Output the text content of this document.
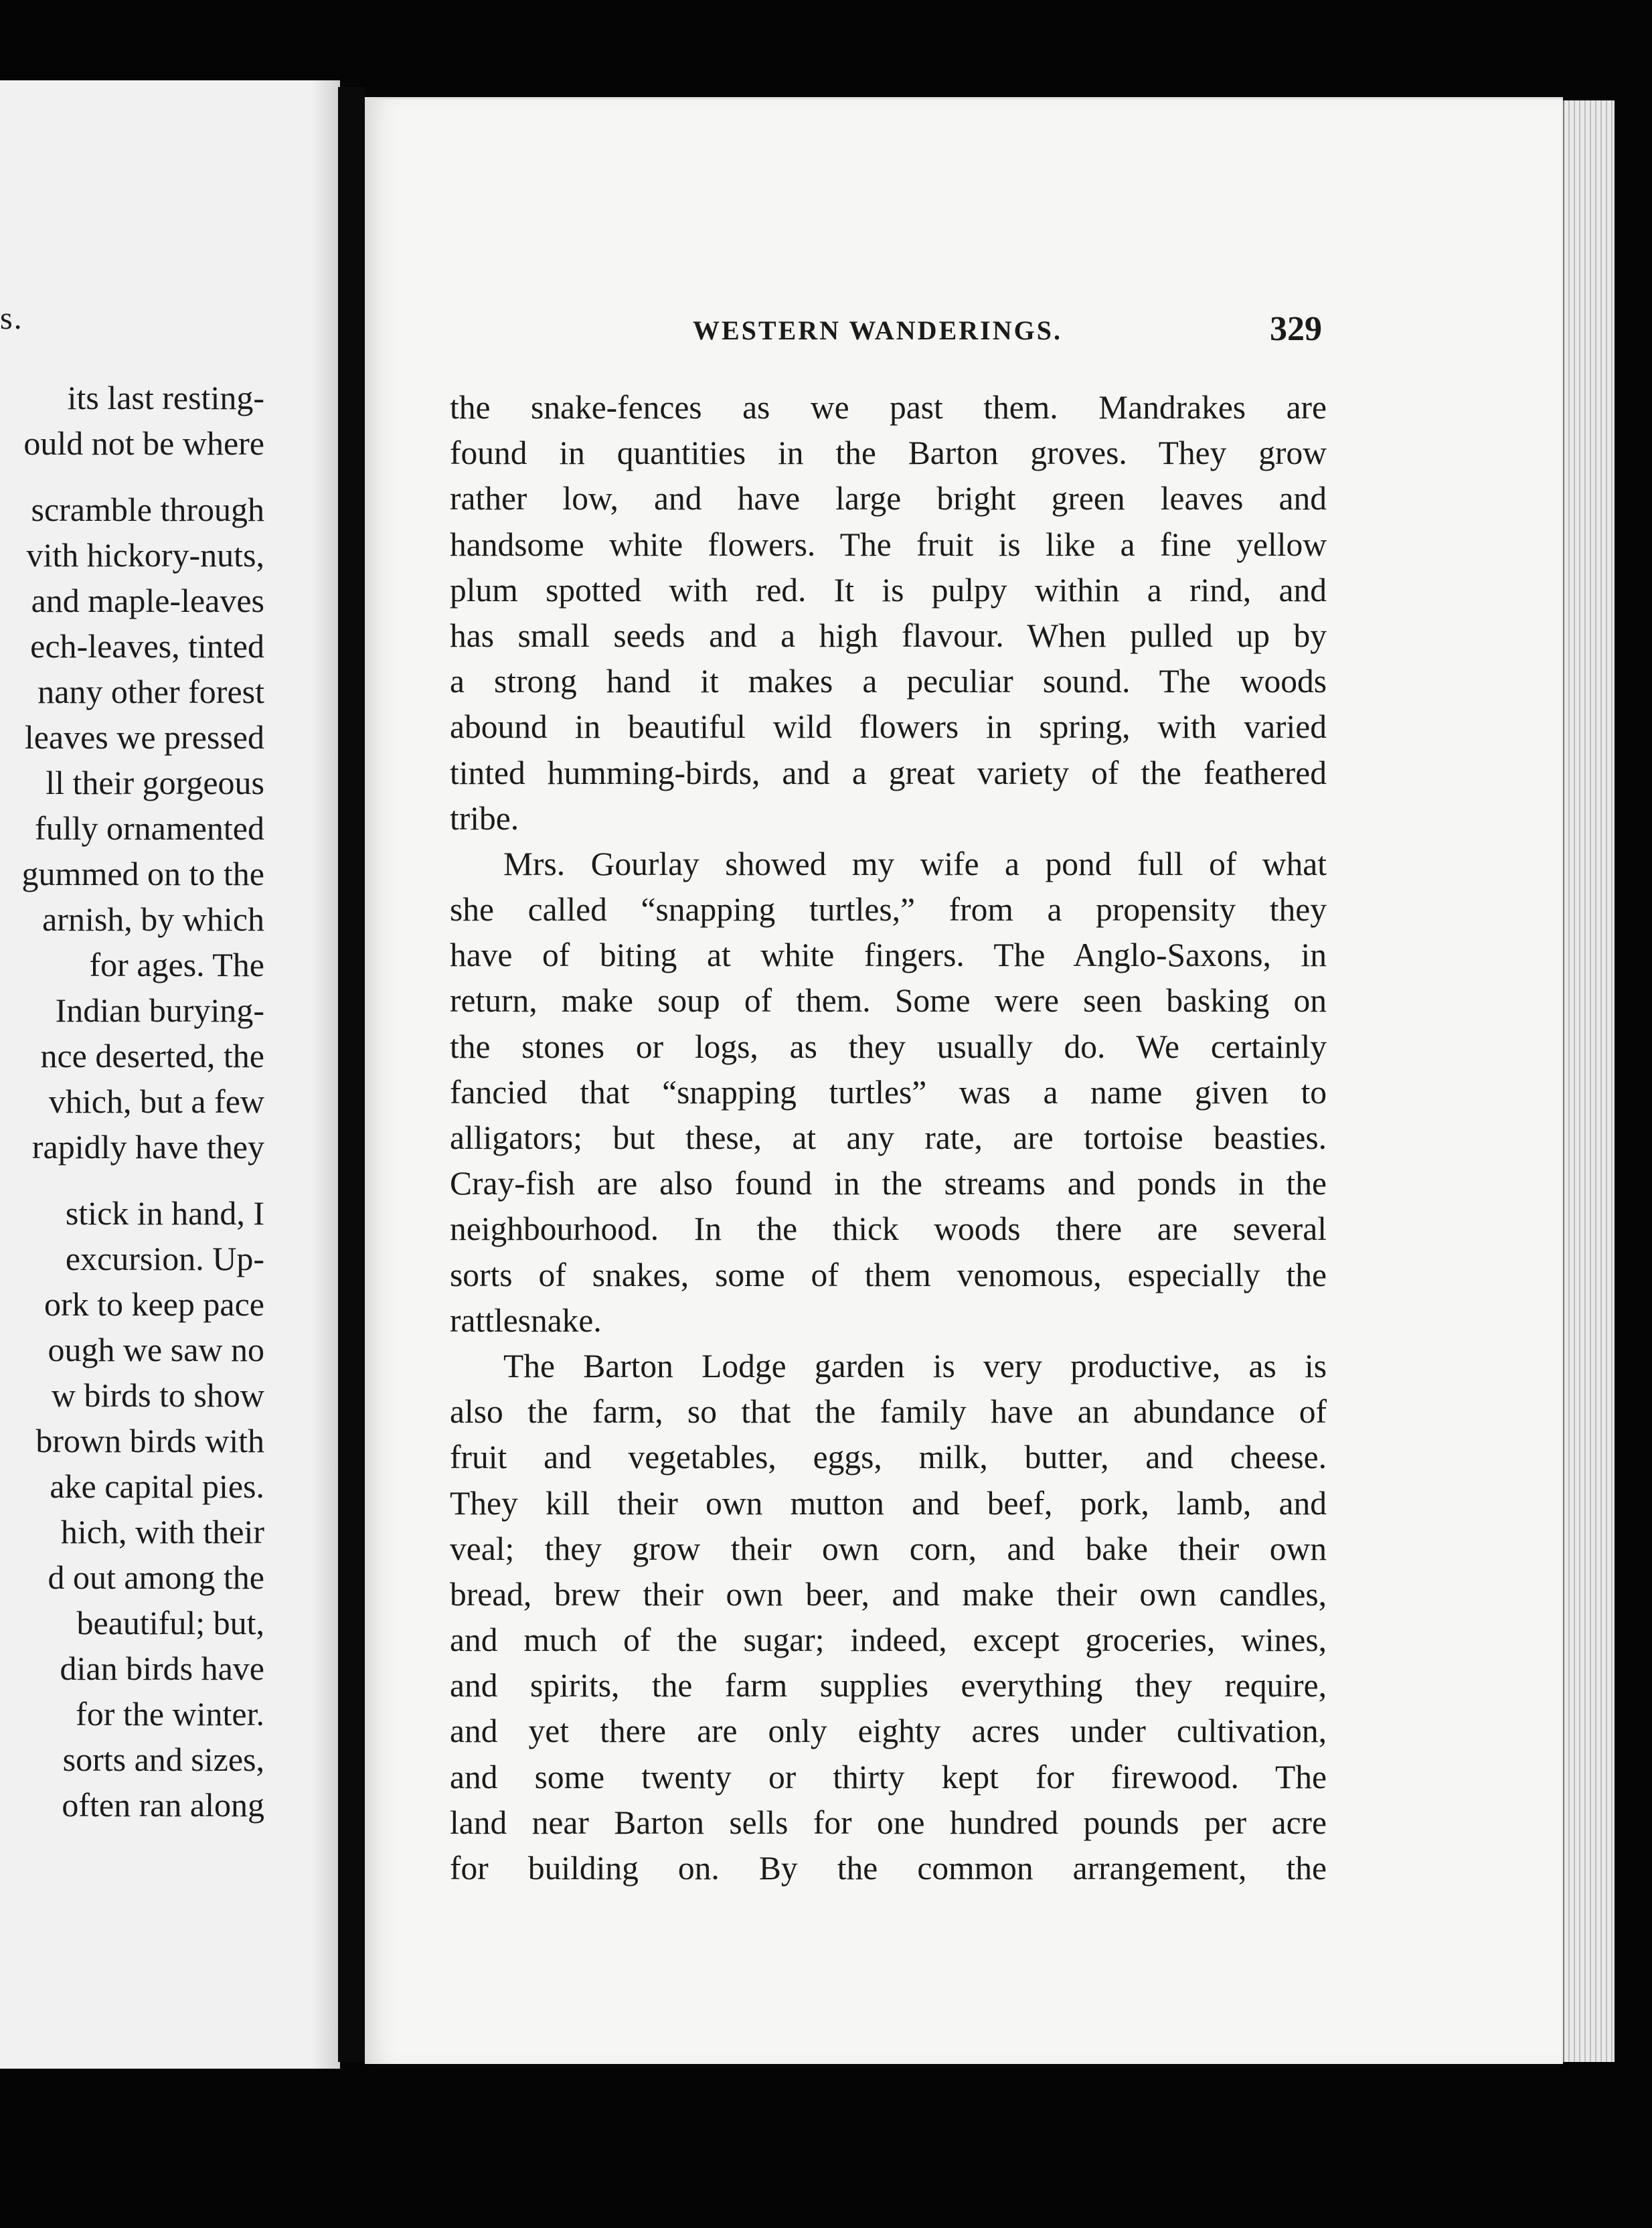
s.
its last resting-
ould not be where
scramble through
vith hickory-nuts,
and maple-leaves
ech-leaves, tinted
nany other forest
leaves we pressed
ll their gorgeous
fully ornamented
gummed on to the
arnish, by which
for ages. The
Indian burying-
nce deserted, the
vhich, but a few
rapidly have they
stick in hand, I
excursion. Up-
ork to keep pace
ough we saw no
w birds to show
brown birds with
ake capital pies.
hich, with their
d out among the
beautiful; but,
dian birds have
for the winter.
sorts and sizes,
often ran along
WESTERN WANDERINGS.	329
the snake-fences as we past them. Mandrakes are
found in quantities in the Barton groves. They grow
rather low, and have large bright green leaves and
handsome white flowers. The fruit is like a fine yellow
plum spotted with red. It is pulpy within a rind, and
has small seeds and a high flavour. When pulled up by
a strong hand it makes a peculiar sound. The woods
abound in beautiful wild flowers in spring, with varied
tinted humming-birds, and a great variety of the feathered
tribe.
Mrs. Gourlay showed my wife a pond full of what
she called “snapping turtles,” from a propensity they
have of biting at white fingers. The Anglo-Saxons, in
return, make soup of them. Some were seen basking on
the stones or logs, as they usually do. We certainly
fancied that “snapping turtles” was a name given to
alligators; but these, at any rate, are tortoise beasties.
Cray-fish are also found in the streams and ponds in the
neighbourhood. In the thick woods there are several
sorts of snakes, some of them venomous, especially the
rattlesnake.
The Barton Lodge garden is very productive, as is
also the farm, so that the family have an abundance of
fruit and vegetables, eggs, milk, butter, and cheese.
They kill their own mutton and beef, pork, lamb, and
veal; they grow their own corn, and bake their own
bread, brew their own beer, and make their own candles,
and much of the sugar; indeed, except groceries, wines,
and spirits, the farm supplies everything they require,
and yet there are only eighty acres under cultivation,
and some twenty or thirty kept for firewood. The
land near Barton sells for one hundred pounds per acre
for building on. By the common arrangement, the
